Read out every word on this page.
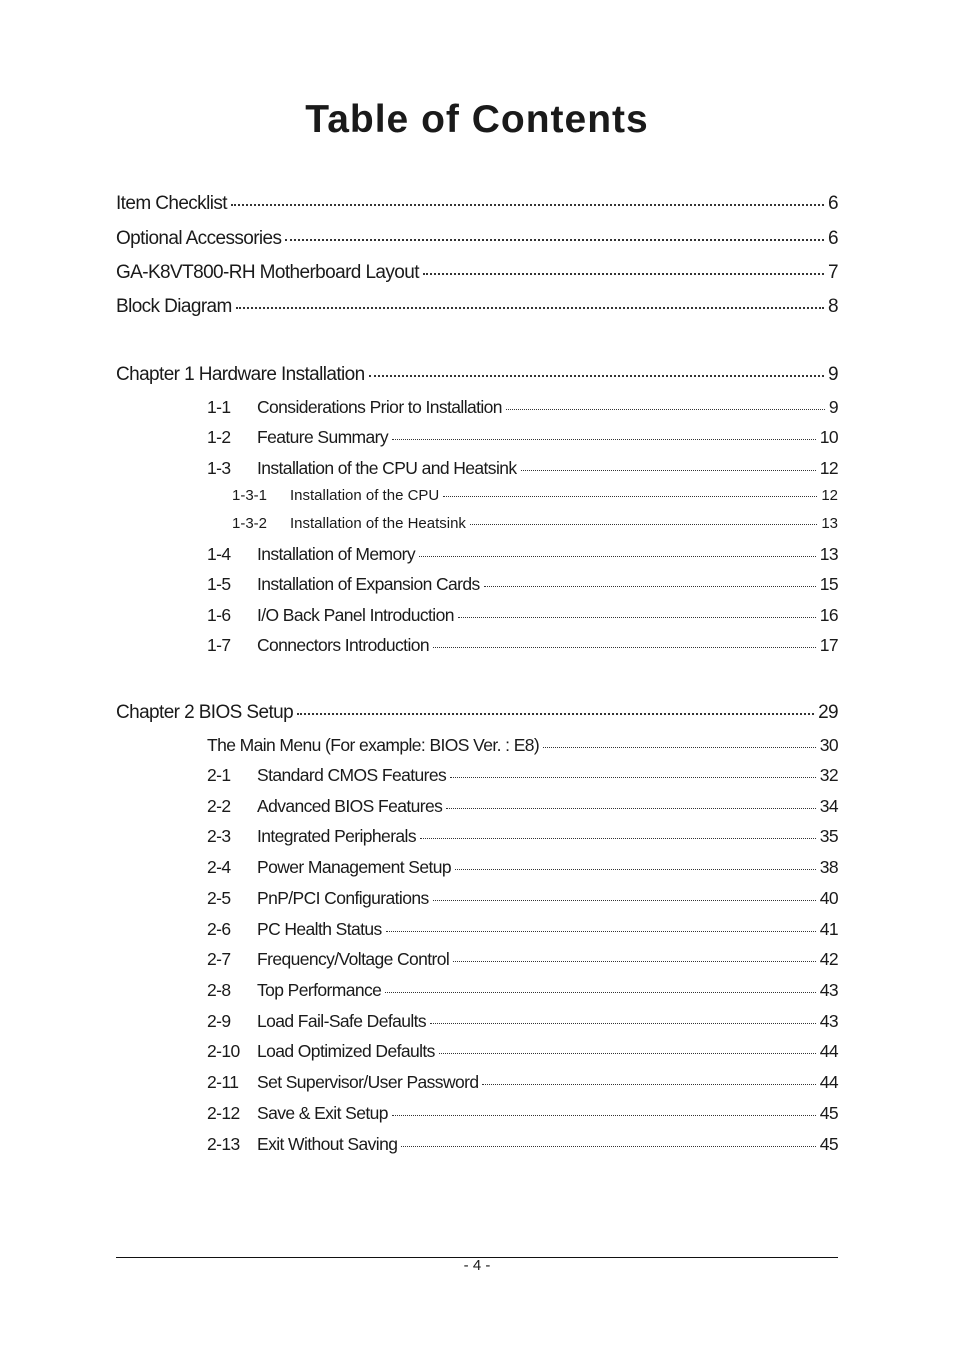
Table of Contents
Item Checklist	6
Optional Accessories	6
GA-K8VT800-RH Motherboard Layout	7
Block Diagram	8
Chapter 1 Hardware Installation	9
1-1	Considerations Prior to Installation	9
1-2	Feature Summary	10
1-3	Installation of the CPU and Heatsink	12
1-3-1	Installation of the CPU	12
1-3-2	Installation of the Heatsink	13
1-4	Installation of Memory	13
1-5	Installation of Expansion Cards	15
1-6	I/O Back Panel Introduction	16
1-7	Connectors Introduction	17
Chapter 2 BIOS Setup	29
The Main Menu (For example: BIOS Ver. : E8)	30
2-1	Standard CMOS Features	32
2-2	Advanced BIOS Features	34
2-3	Integrated Peripherals	35
2-4	Power Management Setup	38
2-5	PnP/PCI Configurations	40
2-6	PC Health Status	41
2-7	Frequency/Voltage Control	42
2-8	Top Performance	43
2-9	Load Fail-Safe Defaults	43
2-10 Load Optimized Defaults	44
2-11	Set Supervisor/User Password	44
2-12 Save & Exit Setup	45
2-13 Exit Without Saving	45
- 4 -
